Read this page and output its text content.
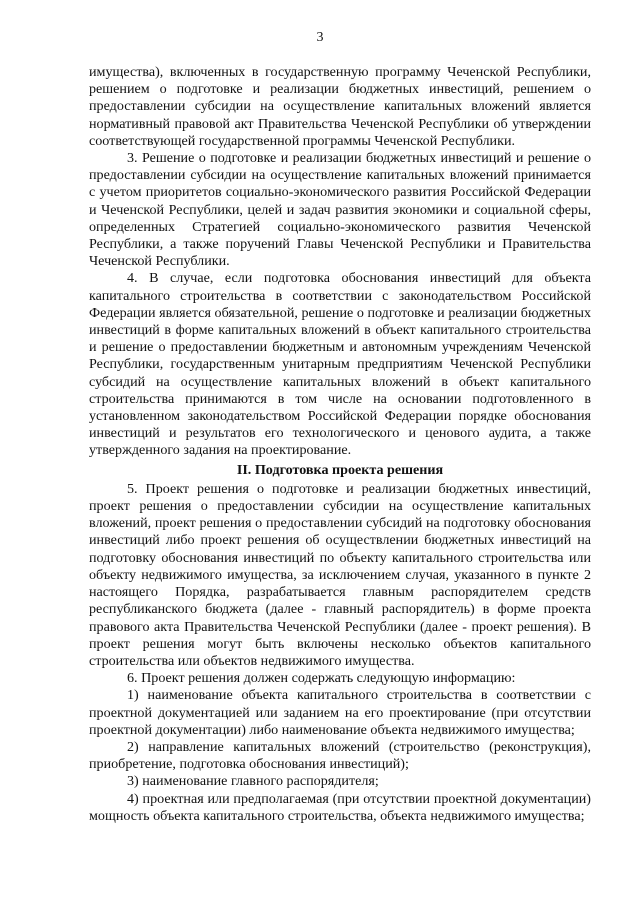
3

имущества), включенных в государственную программу Чеченской Республики, решением о подготовке и реализации бюджетных инвестиций, решением о предоставлении субсидии на осуществление капитальных вложений является нормативный правовой акт Правительства Чеченской Республики об утверждении соответствующей государственной программы Чеченской Республики.

3. Решение о подготовке и реализации бюджетных инвестиций и решение о предоставлении субсидии на осуществление капитальных вложений принимается с учетом приоритетов социально-экономического развития Российской Федерации и Чеченской Республики, целей и задач развития экономики и социальной сферы, определенных Стратегией социально-экономического развития Чеченской Республики, а также поручений Главы Чеченской Республики и Правительства Чеченской Республики.

4. В случае, если подготовка обоснования инвестиций для объекта капитального строительства в соответствии с законодательством Российской Федерации является обязательной, решение о подготовке и реализации бюджетных инвестиций в форме капитальных вложений в объект капитального строительства и решение о предоставлении бюджетным и автономным учреждениям Чеченской Республики, государственным унитарным предприятиям Чеченской Республики субсидий на осуществление капитальных вложений в объект капитального строительства принимаются в том числе на основании подготовленного в установленном законодательством Российской Федерации порядке обоснования инвестиций и результатов его технологического и ценового аудита, а также утвержденного задания на проектирование.

II. Подготовка проекта решения

5. Проект решения о подготовке и реализации бюджетных инвестиций, проект решения о предоставлении субсидии на осуществление капитальных вложений, проект решения о предоставлении субсидий на подготовку обоснования инвестиций либо проект решения об осуществлении бюджетных инвестиций на подготовку обоснования инвестиций по объекту капитального строительства или объекту недвижимого имущества, за исключением случая, указанного в пункте 2 настоящего Порядка, разрабатывается главным распорядителем средств республиканского бюджета (далее - главный распорядитель) в форме проекта правового акта Правительства Чеченской Республики (далее - проект решения). В проект решения могут быть включены несколько объектов капитального строительства или объектов недвижимого имущества.

6. Проект решения должен содержать следующую информацию:

1) наименование объекта капитального строительства в соответствии с проектной документацией или заданием на его проектирование (при отсутствии проектной документации) либо наименование объекта недвижимого имущества;

2) направление капитальных вложений (строительство (реконструкция), приобретение, подготовка обоснования инвестиций);

3) наименование главного распорядителя;

4) проектная или предполагаемая (при отсутствии проектной документации) мощность объекта капитального строительства, объекта недвижимого имущества;
